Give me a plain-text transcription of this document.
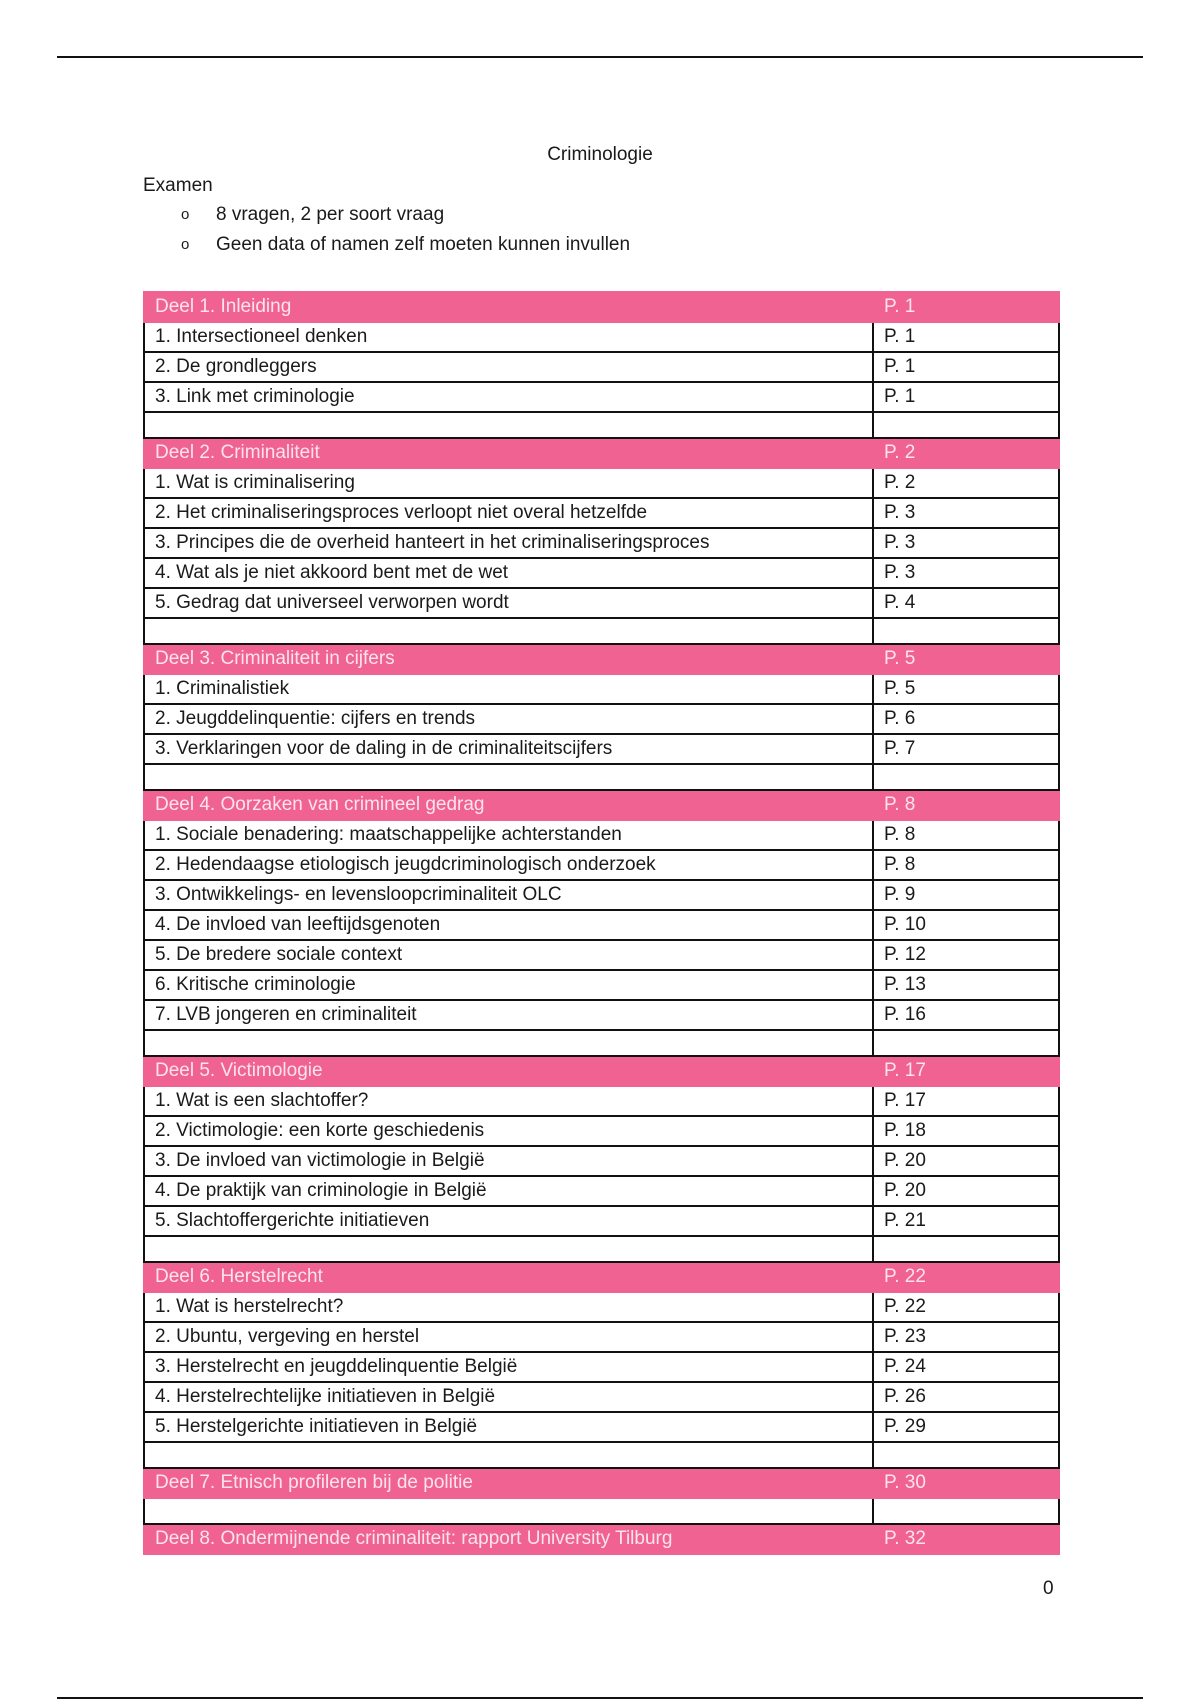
Criminologie
Examen
o 8 vragen, 2 per soort vraag
o Geen data of namen zelf moeten kunnen invullen
Deel 1. Inleiding	P. 1
1. Intersectioneel denken	P. 1
2. De grondleggers	P. 1
3. Link met criminologie	P. 1

Deel 2. Criminaliteit	P. 2
1. Wat is criminalisering	P. 2
2. Het criminaliseringsproces verloopt niet overal hetzelfde	P. 3
3. Principes die de overheid hanteert in het criminaliseringsproces	P. 3
4. Wat als je niet akkoord bent met de wet	P. 3
5. Gedrag dat universeel verworpen wordt	P. 4

Deel 3. Criminaliteit in cijfers	P. 5
1. Criminalistiek	P. 5
2. Jeugddelinquentie: cijfers en trends	P. 6
3. Verklaringen voor de daling in de criminaliteitscijfers	P. 7

Deel 4. Oorzaken van crimineel gedrag	P. 8
1. Sociale benadering: maatschappelijke achterstanden	P. 8
2. Hedendaagse etiologisch jeugdcriminologisch onderzoek	P. 8
3. Ontwikkelings- en levensloopcriminaliteit OLC	P. 9
4. De invloed van leeftijdsgenoten	P. 10
5. De bredere sociale context	P. 12
6. Kritische criminologie	P. 13
7. LVB jongeren en criminaliteit	P. 16

Deel 5. Victimologie	P. 17
1. Wat is een slachtoffer?	P. 17
2. Victimologie: een korte geschiedenis	P. 18
3. De invloed van victimologie in België	P. 20
4. De praktijk van criminologie in België	P. 20
5. Slachtoffergerichte initiatieven	P. 21

Deel 6. Herstelrecht	P. 22
1. Wat is herstelrecht?	P. 22
2. Ubuntu, vergeving en herstel	P. 23
3. Herstelrecht en jeugddelinquentie België	P. 24
4. Herstelrechtelijke initiatieven in België	P. 26
5. Herstelgerichte initiatieven in België	P. 29

Deel 7. Etnisch profileren bij de politie	P. 30

Deel 8. Ondermijnende criminaliteit: rapport University Tilburg	P. 32
0
